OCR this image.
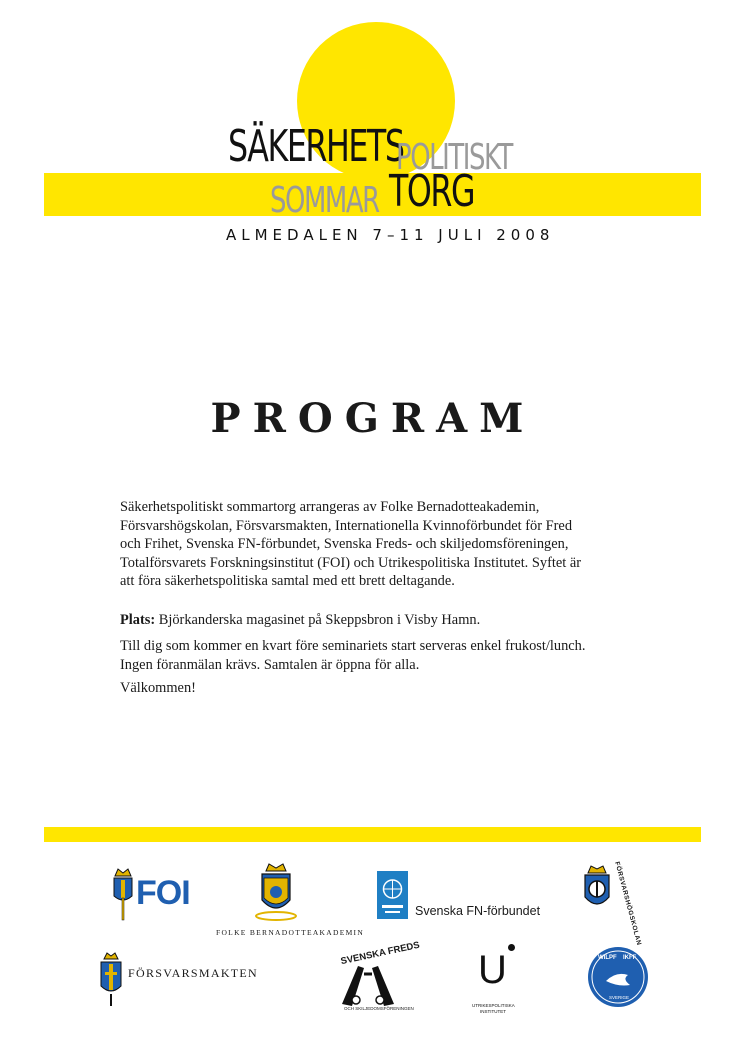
SÄKERHETS
POLITISKT
SOMMAR TORG
ALMEDALEN 7–11 JULI 2008
PROGRAM
Säkerhetspolitiskt sommartorg arrangeras av Folke Bernadotteakademin,
Försvarshögskolan, Försvarsmakten, Internationella Kvinnoförbundet för Fred
och Frihet, Svenska FN-förbundet, Svenska Freds- och skiljedomsföreningen,
Totalförsvarets Forskningsinstitut (FOI) och Utrikespolitiska Institutet. Syftet är
att föra säkerhetspolitiska samtal med ett brett deltagande.
Plats: Björkanderska magasinet på Skeppsbron i Visby Hamn.
Till dig som kommer en kvart före seminariets start serveras enkel frukost/lunch.
Ingen föranmälan krävs. Samtalen är öppna för alla.
Välkommen!
FOI
FOLKE BERNADOTTEAKADEMIN
Svenska FN-förbundet	FÖRSVARSHÖGSKOLAN
FÖRSVARSMAKTEN
SVENSKA FREDS
OCH SKILJEDOMSFÖRENINGEN
U
UTRIKESPOLITISKA
INSTITUTET
WILPF IKFF
SVERIGE
